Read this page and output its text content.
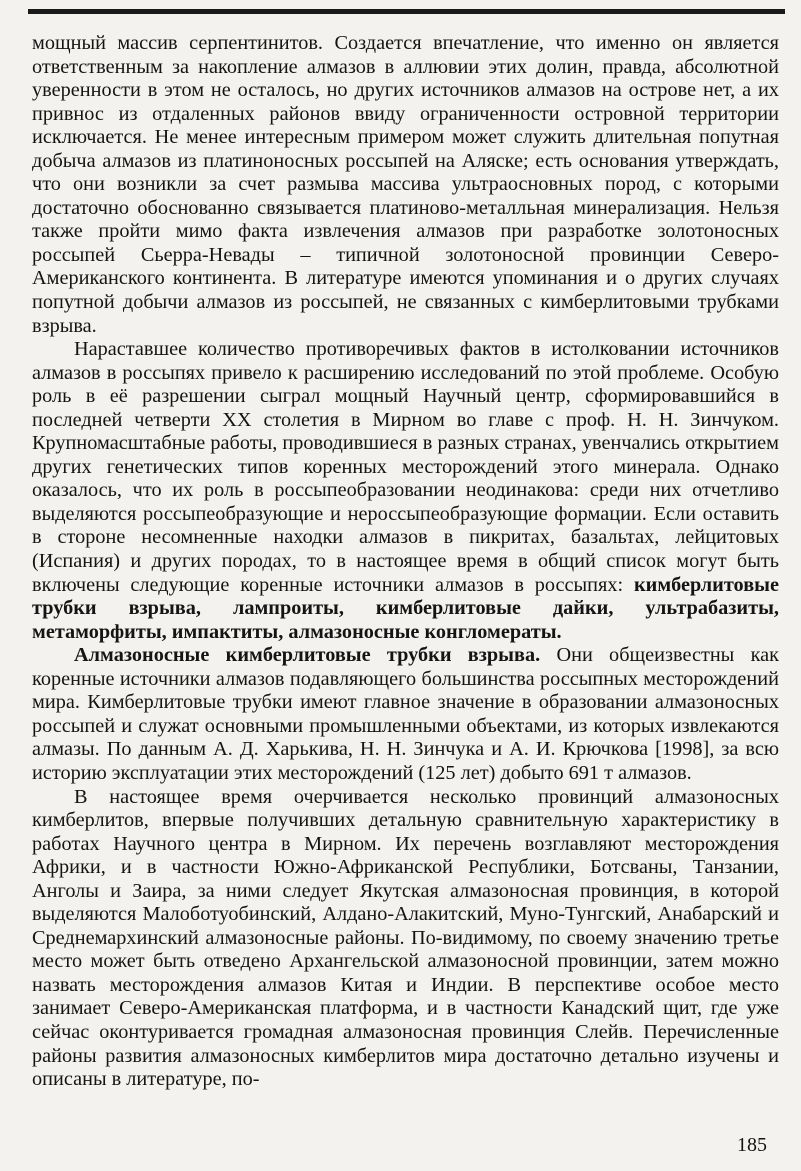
мощный массив серпентинитов. Создается впечатление, что именно он является ответственным за накопление алмазов в аллювии этих долин, правда, абсолютной уверенности в этом не осталось, но других источников алмазов на острове нет, а их привнос из отдаленных районов ввиду ограниченности островной территории исключается. Не менее интересным примером может служить длительная попутная добыча алмазов из платиноносных россыпей на Аляске; есть основания утверждать, что они возникли за счет размыва массива ультраосновных пород, с которыми достаточно обоснованно связывается платиново-металльная минерализация. Нельзя также пройти мимо факта извлечения алмазов при разработке золотоносных россыпей Сьерра-Невады – типичной золотоносной провинции Северо-Американского континента. В литературе имеются упоминания и о других случаях попутной добычи алмазов из россыпей, не связанных с кимберлитовыми трубками взрыва.

Нараставшее количество противоречивых фактов в истолковании источников алмазов в россыпях привело к расширению исследований по этой проблеме. Особую роль в её разрешении сыграл мощный Научный центр, сформировавшийся в последней четверти XX столетия в Мирном во главе с проф. Н. Н. Зинчуком. Крупномасштабные работы, проводившиеся в разных странах, увенчались открытием других генетических типов коренных месторождений этого минерала. Однако оказалось, что их роль в россыпеобразовании неодинакова: среди них отчетливо выделяются россыпеобразующие и нероссыпеобразующие формации. Если оставить в стороне несомненные находки алмазов в пикритах, базальтах, лейцитовых (Испания) и других породах, то в настоящее время в общий список могут быть включены следующие коренные источники алмазов в россыпях: кимберлитовые трубки взрыва, лампроиты, кимберлитовые дайки, ультрабазиты, метаморфиты, импактиты, алмазоносные конгломераты.

Алмазоносные кимберлитовые трубки взрыва. Они общеизвестны как коренные источники алмазов подавляющего большинства россыпных месторождений мира. Кимберлитовые трубки имеют главное значение в образовании алмазоносных россыпей и служат основными промышленными объектами, из которых извлекаются алмазы. По данным А. Д. Харькива, Н. Н. Зинчука и А. И. Крючкова [1998], за всю историю эксплуатации этих месторождений (125 лет) добыто 691 т алмазов.

В настоящее время очерчивается несколько провинций алмазоносных кимберлитов, впервые получивших детальную сравнительную характеристику в работах Научного центра в Мирном. Их перечень возглавляют месторождения Африки, и в частности Южно-Африканской Республики, Ботсваны, Танзании, Анголы и Заира, за ними следует Якутская алмазоносная провинция, в которой выделяются Малоботуобинский, Алдано-Алакитский, Муно-Тунгский, Анабарский и Среднемархинский алмазоносные районы. По-видимому, по своему значению третье место может быть отведено Архангельской алмазоносной провинции, затем можно назвать месторождения алмазов Китая и Индии. В перспективе особое место занимает Северо-Американская платформа, и в частности Канадский щит, где уже сейчас оконтуривается громадная алмазоносная провинция Слейв. Перечисленные районы развития алмазоносных кимберлитов мира достаточно детально изучены и описаны в литературе, по-

185
